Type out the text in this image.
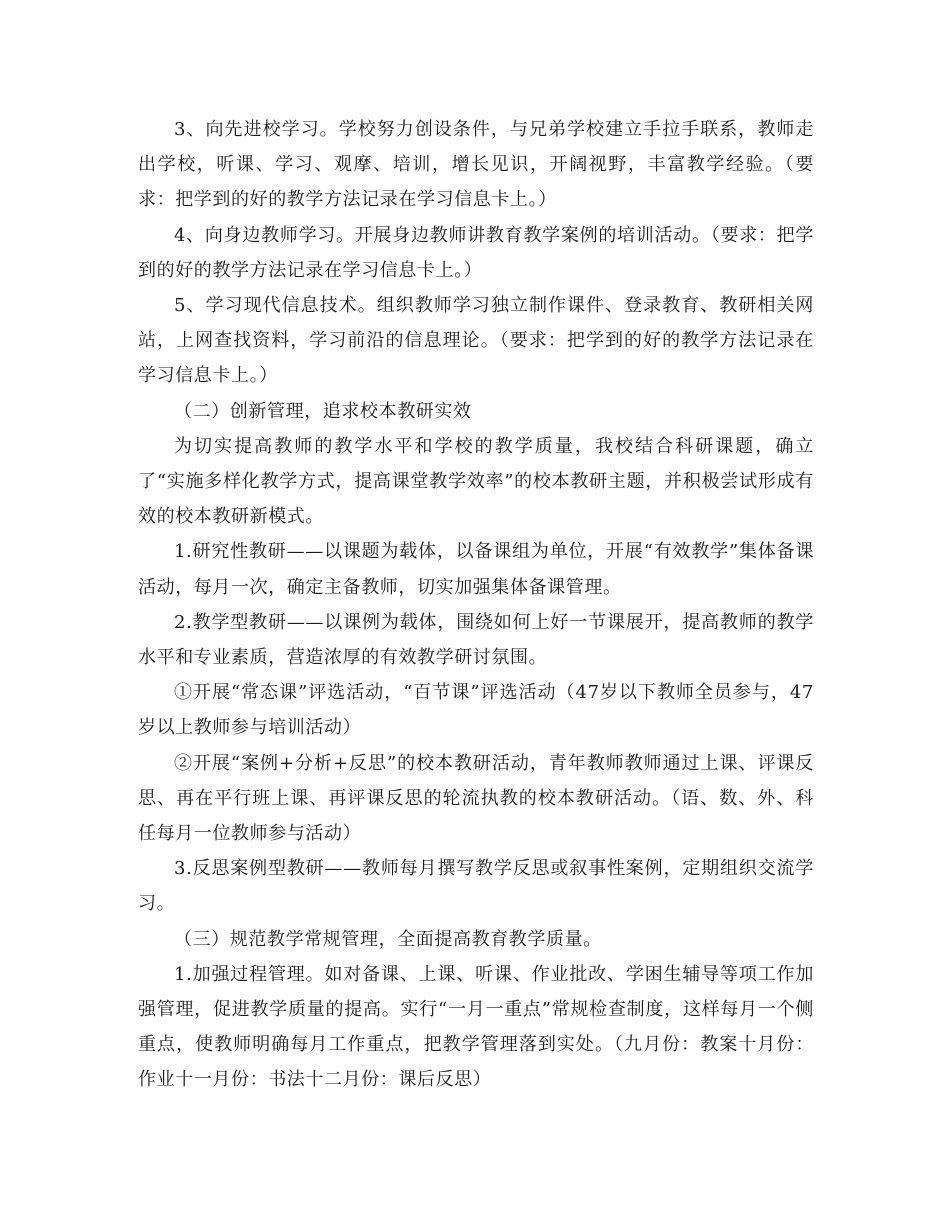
3、向先进校学习。学校努力创设条件，与兄弟学校建立手拉手联系，教师走出学校，听课、学习、观摩、培训，增长见识，开阔视野，丰富教学经验。（要求：把学到的好的教学方法记录在学习信息卡上。）

4、向身边教师学习。开展身边教师讲教育教学案例的培训活动。（要求：把学到的好的教学方法记录在学习信息卡上。）

5、学习现代信息技术。组织教师学习独立制作课件、登录教育、教研相关网站，上网查找资料，学习前沿的信息理论。（要求：把学到的好的教学方法记录在学习信息卡上。）

（二）创新管理，追求校本教研实效

为切实提高教师的教学水平和学校的教学质量，我校结合科研课题，确立了“实施多样化教学方式，提高课堂教学效率”的校本教研主题，并积极尝试形成有效的校本教研新模式。

1.研究性教研——以课题为载体，以备课组为单位，开展“有效教学”集体备课活动，每月一次，确定主备教师，切实加强集体备课管理。

2.教学型教研——以课例为载体，围绕如何上好一节课展开，提高教师的教学水平和专业素质，营造浓厚的有效教学研讨氛围。

①开展“常态课”评选活动，“百节课”评选活动（47岁以下教师全员参与，47岁以上教师参与培训活动）

②开展“案例+分析+反思”的校本教研活动，青年教师教师通过上课、评课反思、再在平行班上课、再评课反思的轮流执教的校本教研活动。（语、数、外、科任每月一位教师参与活动）

3.反思案例型教研——教师每月撰写教学反思或叙事性案例，定期组织交流学习。

（三）规范教学常规管理，全面提高教育教学质量。

1.加强过程管理。如对备课、上课、听课、作业批改、学困生辅导等项工作加强管理，促进教学质量的提高。实行“一月一重点”常规检查制度，这样每月一个侧重点，使教师明确每月工作重点，把教学管理落到实处。（九月份：教案十月份：作业十一月份：书法十二月份：课后反思）
